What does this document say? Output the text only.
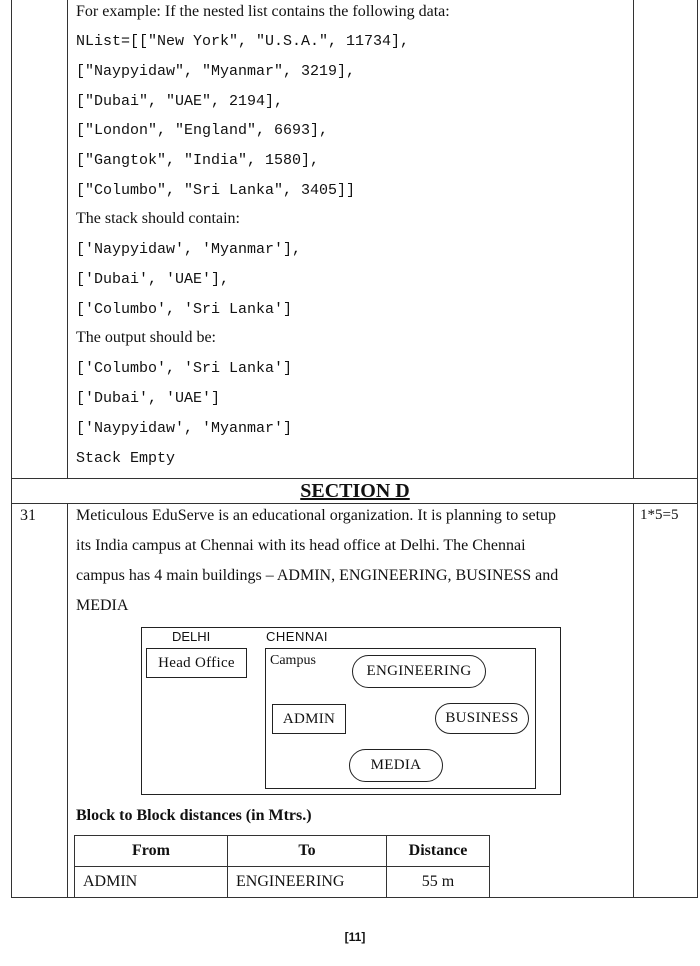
For example: If the nested list contains the following data:
NList=[["New York", "U.S.A.", 11734],
["Naypyidaw", "Myanmar", 3219],
["Dubai", "UAE", 2194],
["London", "England", 6693],
["Gangtok", "India", 1580],
["Columbo", "Sri Lanka", 3405]]
The stack should contain:
['Naypyidaw', 'Myanmar'],
['Dubai', 'UAE'],
['Columbo', 'Sri Lanka']
The output should be:
['Columbo', 'Sri Lanka']
['Dubai', 'UAE']
['Naypyidaw', 'Myanmar']
Stack Empty
SECTION D
31	1*5=5
Meticulous EduServe is an educational organization. It is planning to setup
its India campus at Chennai with its head office at Delhi. The Chennai
campus has 4 main buildings – ADMIN, ENGINEERING, BUSINESS and
MEDIA
DELHI	CHENNAI
Head Office	Campus
ENGINEERING
ADMIN	BUSINESS
MEDIA
Block to Block distances (in Mtrs.)
From	To	Distance
ADMIN	ENGINEERING	55 m
[11]
